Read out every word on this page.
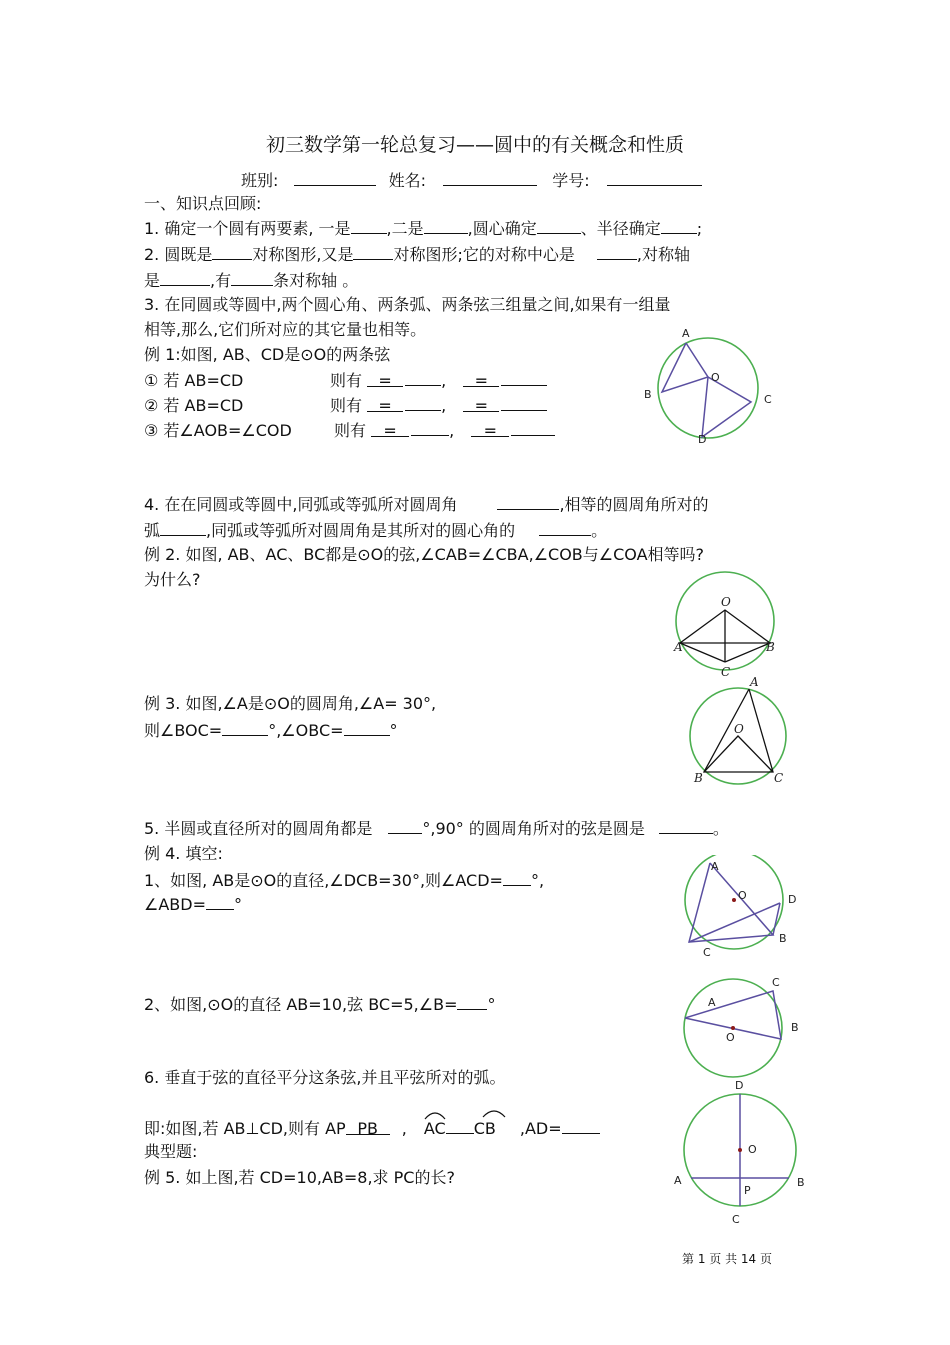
初三数学第一轮总复习——圆中的有关概念和性质
班别:	姓名:	学号:
一、知识点回顾:
1. 确定一个圆有两要素, 一是 ,二是	,圆心确定	、半径确定 ;
2. 圆既是	对称图形,又是	对称图形;它的对称中心是	,对称轴
是	,有	条对称轴 。
3. 在同圆或等圆中,两个圆心角、两条弧、两条弦三组量之间,如果有一组量
相等,那么,它们所对应的其它量也相等。
例 1:如图, AB、CD是⊙O的两条弦
① 若 AB=CD	则有 =	, =
② 若 AB=CD	则有 =	, =
③ 若∠AOB=∠COD	则有 =	, =
4. 在在同圆或等圆中,同弧或等弧所对圆周角	,相等的圆周角所对的
弧	,同弧或等弧所对圆周角是其所对的圆心角的	。
例 2. 如图, AB、AC、BC都是⊙O的弦,∠CAB=∠CBA,∠COB与∠COA相等吗?
为什么?
例 3. 如图,∠A是⊙O的圆周角,∠A= 30°,
则∠BOC=	°,∠OBC=	°
5. 半圆或直径所对的圆周角都是	°,90° 的圆周角所对的弦是圆是	。
例 4. 填空:
1、如图, AB是⊙O的直径,∠DCB=30°,则∠ACD= °,
∠ABD= °
2、如图,⊙O的直径 AB=10,弦 BC=5,∠B= °
6. 垂直于弦的直径平分这条弦,并且平弦所对的弧。
即:如图,若 AB⊥CD,则有 AP PB , AC CB ,AD=
典型题:
例 5. 如上图,若 CD=10,AB=8,求 PC的长?
A
B	C
D
O
O
A	B
C
A
O
B	C
A
O	D
B
C
C
A
B
O
D
O
A	B
P
C
第 1 页 共 14 页
